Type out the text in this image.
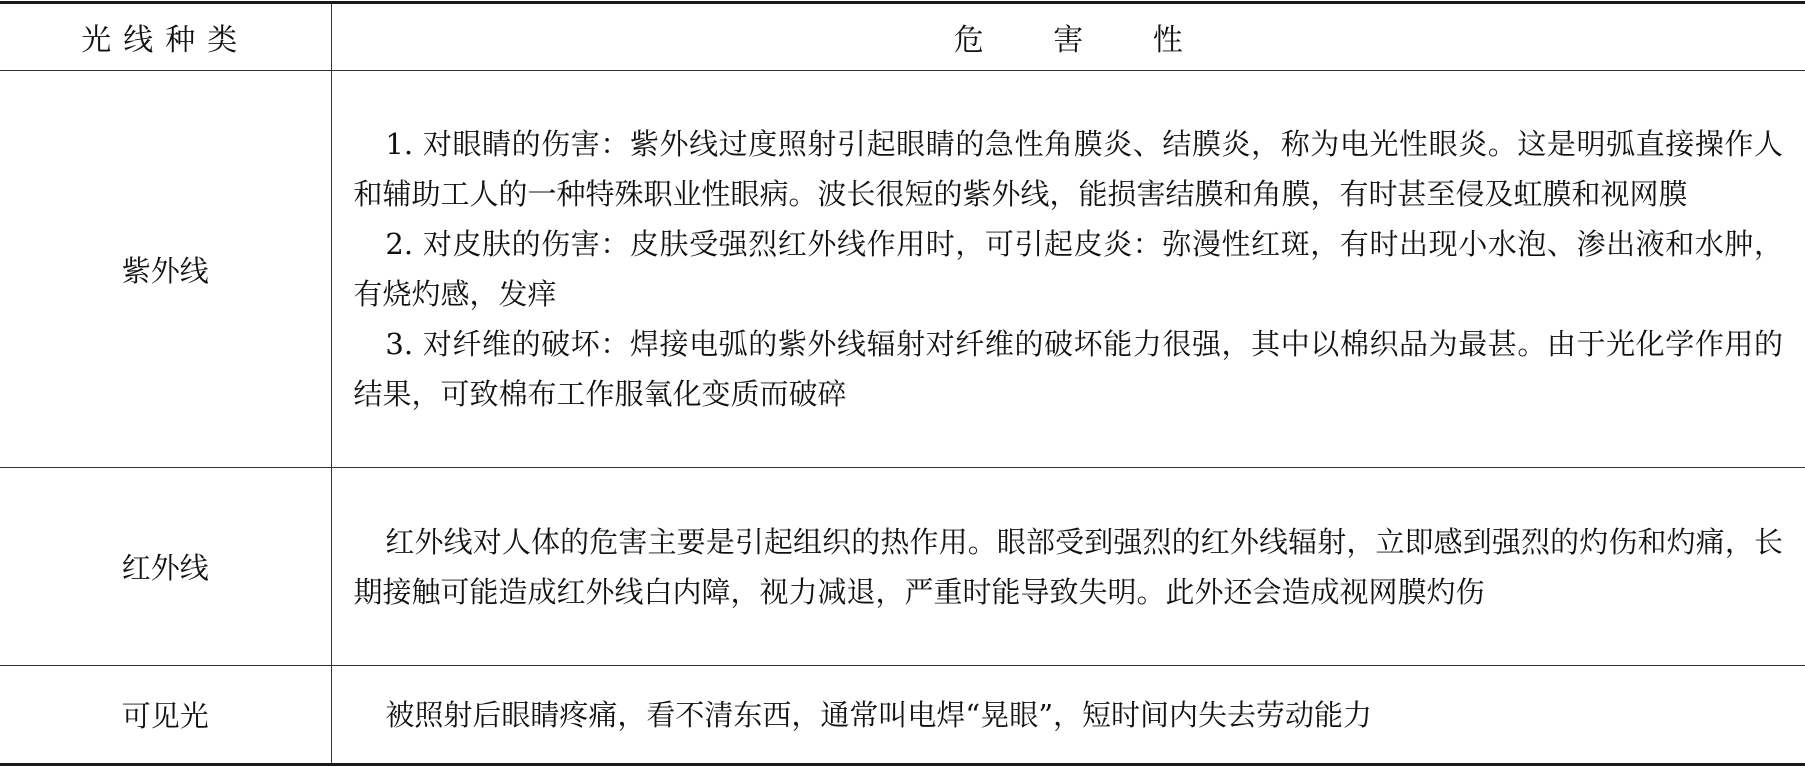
光线种类	危 害 性
紫外线	1. 对眼睛的伤害：紫外线过度照射引起眼睛的急性角膜炎、结膜炎，称为电光性眼炎。这是明弧直接操作人和辅助工人的一种特殊职业性眼病。波长很短的紫外线，能损害结膜和角膜，有时甚至侵及虹膜和视网膜

2. 对皮肤的伤害：皮肤受强烈红外线作用时，可引起皮炎：弥漫性红斑，有时出现小水泡、渗出液和水肿，有烧灼感，发痒

3. 对纤维的破坏：焊接电弧的紫外线辐射对纤维的破坏能力很强，其中以棉织品为最甚。由于光化学作用的结果，可致棉布工作服氧化变质而破碎

红外线	红外线对人体的危害主要是引起组织的热作用。眼部受到强烈的红外线辐射，立即感到强烈的灼伤和灼痛，长期接触可能造成红外线白内障，视力减退，严重时能导致失明。此外还会造成视网膜灼伤

可见光	被照射后眼睛疼痛，看不清东西，通常叫电焊“晃眼”，短时间内失去劳动能力
